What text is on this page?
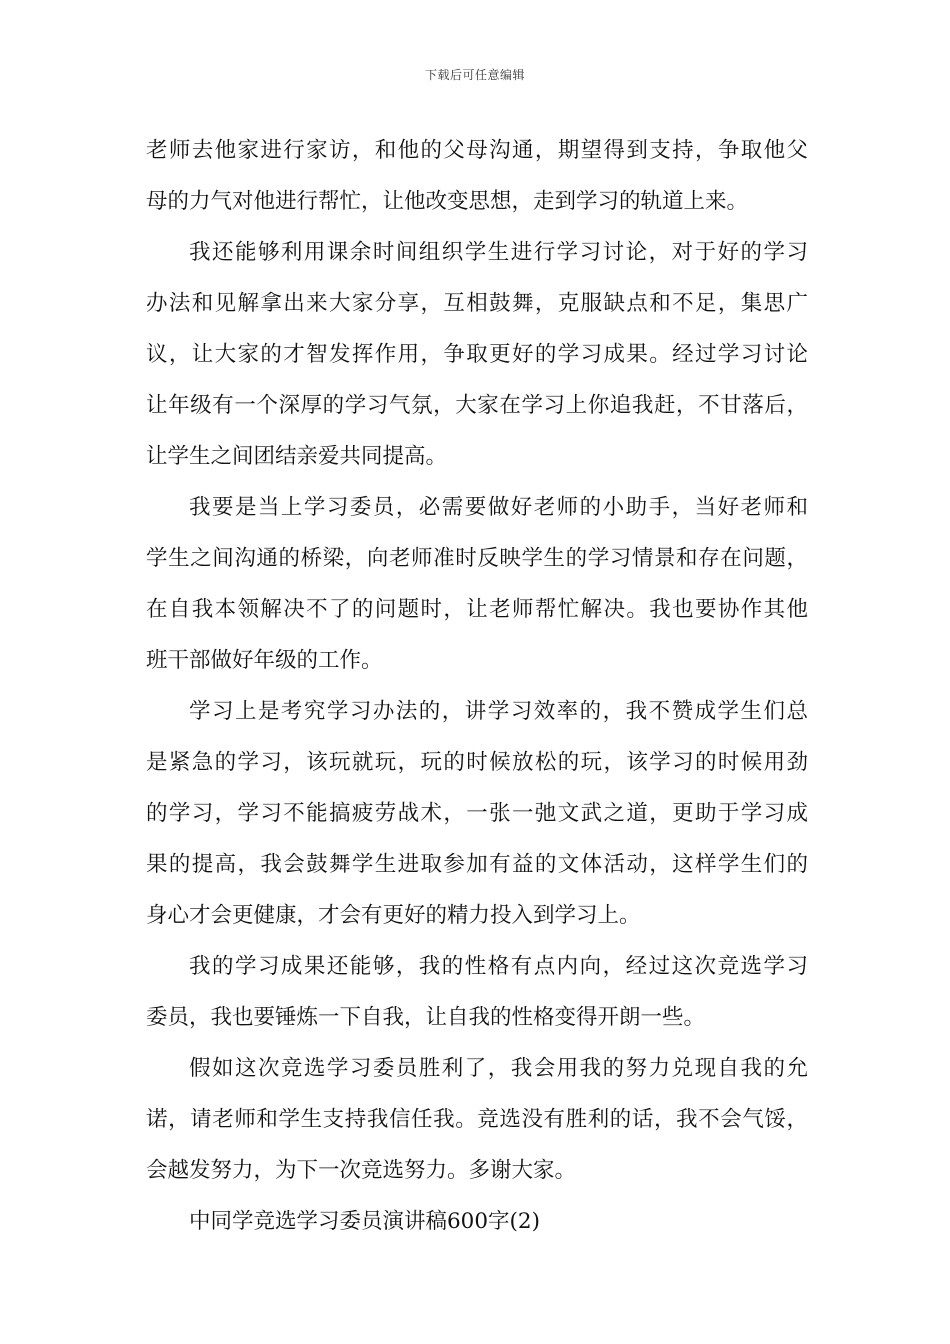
下载后可任意编辑
老师去他家进行家访，和他的父母沟通，期望得到支持，争取他父
母的力气对他进行帮忙，让他改变思想，走到学习的轨道上来。
我还能够利用课余时间组织学生进行学习讨论，对于好的学习
办法和见解拿出来大家分享，互相鼓舞，克服缺点和不足，集思广
议，让大家的才智发挥作用，争取更好的学习成果。经过学习讨论
让年级有一个深厚的学习气氛，大家在学习上你追我赶，不甘落后，
让学生之间团结亲爱共同提高。
我要是当上学习委员，必需要做好老师的小助手，当好老师和
学生之间沟通的桥梁，向老师准时反映学生的学习情景和存在问题，
在自我本领解决不了的问题时，让老师帮忙解决。我也要协作其他
班干部做好年级的工作。
学习上是考究学习办法的，讲学习效率的，我不赞成学生们总
是紧急的学习，该玩就玩，玩的时候放松的玩，该学习的时候用劲
的学习，学习不能搞疲劳战术，一张一弛文武之道，更助于学习成
果的提高，我会鼓舞学生进取参加有益的文体活动，这样学生们的
身心才会更健康，才会有更好的精力投入到学习上。
我的学习成果还能够，我的性格有点内向，经过这次竞选学习
委员，我也要锤炼一下自我，让自我的性格变得开朗一些。
假如这次竞选学习委员胜利了，我会用我的努力兑现自我的允
诺，请老师和学生支持我信任我。竞选没有胜利的话，我不会气馁，
会越发努力，为下一次竞选努力。多谢大家。
中同学竞选学习委员演讲稿600字(2)
